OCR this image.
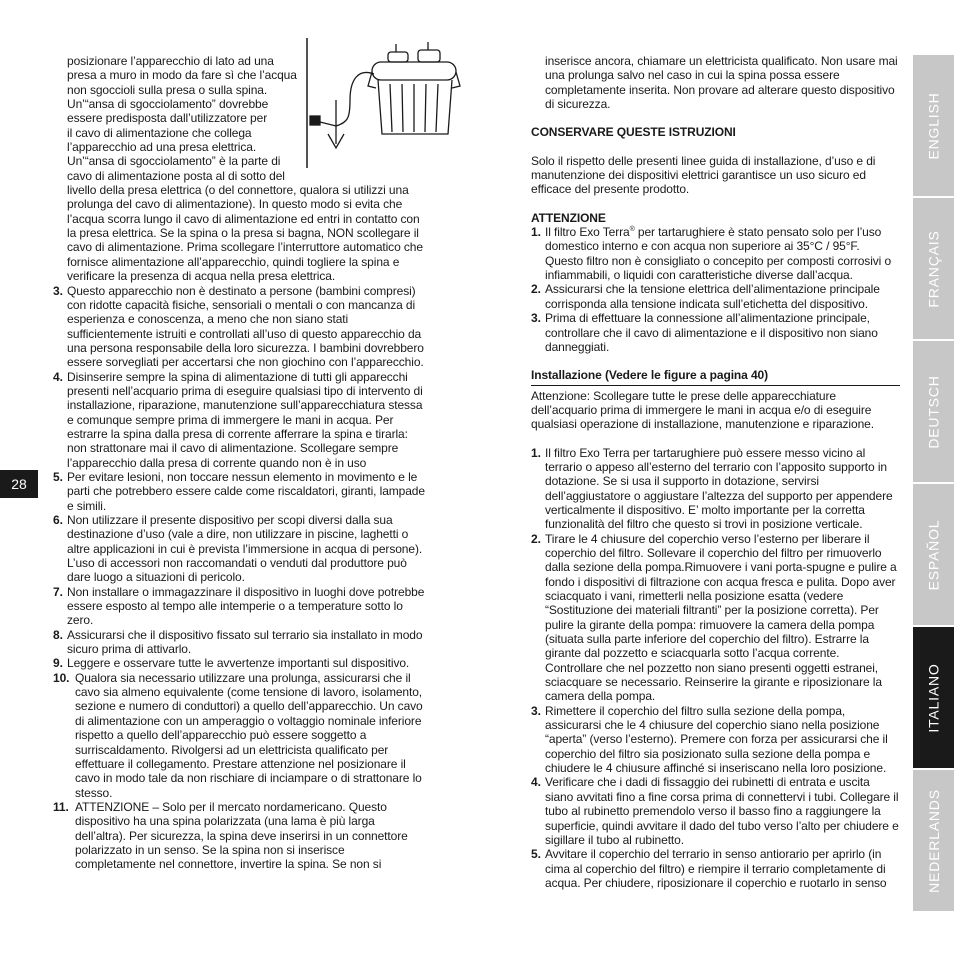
posizionare l’apparecchio di lato ad una

presa a muro in modo da fare sì che l’acqua

non sgoccioli sulla presa o sulla spina.

Un’“ansa di sgocciolamento” dovrebbe

essere predisposta dall’utilizzatore per

il cavo di alimentazione che collega

l’apparecchio ad una presa elettrica.

Un’“ansa di sgocciolamento” è la parte di

cavo di alimentazione posta al di sotto del

livello della presa elettrica (o del connettore, qualora si utilizzi una prolunga del cavo di alimentazione). In questo modo si evita che l’acqua scorra lungo il cavo di alimentazione ed entri in contatto con la presa elettrica. Se la spina o la presa si bagna, NON scollegare il cavo di alimentazione. Prima scollegare l’interruttore automatico che fornisce alimentazione all’apparecchio, quindi togliere la spina e verificare la presenza di acqua nella presa elettrica.

3. Questo apparecchio non è destinato a persone (bambini compresi) con ridotte capacità fisiche, sensoriali o mentali o con mancanza di esperienza e conoscenza, a meno che non siano stati sufficientemente istruiti e controllati all’uso di questo apparecchio da una persona responsabile della loro sicurezza. I bambini dovrebbero essere sorvegliati per accertarsi che non giochino con l’apparecchio.

4. Disinserire sempre la spina di alimentazione di tutti gli apparecchi presenti nell’acquario prima di eseguire qualsiasi tipo di intervento di installazione, riparazione, manutenzione sull’apparecchiatura stessa e comunque sempre prima di immergere le mani in acqua. Per estrarre la spina dalla presa di corrente afferrare la spina e tirarla: non strattonare mai il cavo di alimentazione. Scollegare sempre l’apparecchio dalla presa di corrente quando non è in uso

5. Per evitare lesioni, non toccare nessun elemento in movimento e le parti che potrebbero essere calde come riscaldatori, giranti, lampade e simili.

6. Non utilizzare il presente dispositivo per scopi diversi dalla sua destinazione d’uso (vale a dire, non utilizzare in piscine, laghetti o altre applicazioni in cui è prevista l’immersione in acqua di persone). L’uso di accessori non raccomandati o venduti dal produttore può dare luogo a situazioni di pericolo.

7. Non installare o immagazzinare il dispositivo in luoghi dove potrebbe essere esposto al tempo alle intemperie o a temperature sotto lo zero.

8. Assicurarsi che il dispositivo fissato sul terrario sia installato in modo sicuro prima di attivarlo.

9. Leggere e osservare tutte le avvertenze importanti sul dispositivo.

10. Qualora sia necessario utilizzare una prolunga, assicurarsi che il cavo sia almeno equivalente (come tensione di lavoro, isolamento, sezione e numero di conduttori) a quello dell’apparecchio. Un cavo di alimentazione con un amperaggio o voltaggio nominale inferiore rispetto a quello dell’apparecchio può essere soggetto a surriscaldamento. Rivolgersi ad un elettricista qualificato per effettuare il collegamento. Prestare attenzione nel posizionare il cavo in modo tale da non rischiare di inciampare o di strattonare lo stesso.

11. ATTENZIONE – Solo per il mercato nordamericano. Questo dispositivo ha una spina polarizzata (una lama è più larga dell’altra). Per sicurezza, la spina deve inserirsi in un connettore polarizzato in un senso. Se la spina non si inserisce completamente nel connettore, invertire la spina. Se non si

inserisce ancora, chiamare un elettricista qualificato. Non usare mai una prolunga salvo nel caso in cui la spina possa essere completamente inserita. Non provare ad alterare questo dispositivo di sicurezza.

CONSERVARE QUESTE ISTRUZIONI

Solo il rispetto delle presenti linee guida di installazione, d’uso e di manutenzione dei dispositivi elettrici garantisce un uso sicuro ed efficace del presente prodotto.

ATTENZIONE

1. Il filtro Exo Terra® per tartarughiere è stato pensato solo per l’uso domestico interno e con acqua non superiore ai 35°C / 95°F. Questo filtro non è consigliato o concepito per composti corrosivi o infiammabili, o liquidi con caratteristiche diverse dall’acqua.

2. Assicurarsi che la tensione elettrica dell’alimentazione principale corrisponda alla tensione indicata sull’etichetta del dispositivo.

3. Prima di effettuare la connessione all’alimentazione principale, controllare che il cavo di alimentazione e il dispositivo non siano danneggiati.

Installazione (Vedere le figure a pagina 40)

Attenzione: Scollegare tutte le prese delle apparecchiature dell’acquario prima di immergere le mani in acqua e/o di eseguire qualsiasi operazione di installazione, manutenzione e riparazione.

1. Il filtro Exo Terra per tartarughiere può essere messo vicino al terrario o appeso all’esterno del terrario con l’apposito supporto in dotazione. Se si usa il supporto in dotazione, servirsi dell’aggiustatore o aggiustare l’altezza del supporto per appendere verticalmente il dispositivo. E’ molto importante per la corretta funzionalità del filtro che questo si trovi in posizione verticale.

2. Tirare le 4 chiusure del coperchio verso l’esterno per liberare il coperchio del filtro. Sollevare il coperchio del filtro per rimuoverlo dalla sezione della pompa.Rimuovere i vani porta-spugne e pulire a fondo i dispositivi di filtrazione con acqua fresca e pulita. Dopo aver sciacquato i vani, rimetterli nella posizione esatta (vedere “Sostituzione dei materiali filtranti” per la posizione corretta). Per pulire la girante della pompa: rimuovere la camera della pompa (situata sulla parte inferiore del coperchio del filtro). Estrarre la girante dal pozzetto e sciacquarla sotto l’acqua corrente. Controllare che nel pozzetto non siano presenti oggetti estranei, sciacquare se necessario. Reinserire la girante e riposizionare la camera della pompa.

3. Rimettere il coperchio del filtro sulla sezione della pompa, assicurarsi che le 4 chiusure del coperchio siano nella posizione “aperta” (verso l’esterno). Premere con forza per assicurarsi che il coperchio del filtro sia posizionato sulla sezione della pompa e chiudere le 4 chiusure affinché si inseriscano nella loro posizione.

4. Verificare che i dadi di fissaggio dei rubinetti di entrata e uscita siano avvitati fino a fine corsa prima di connettervi i tubi. Collegare il tubo al rubinetto premendolo verso il basso fino a raggiungere la superficie, quindi avvitare il dado del tubo verso l’alto per chiudere e sigillare il tubo al rubinetto.

5. Avvitare il coperchio del terrario in senso antiorario per aprirlo (in cima al coperchio del filtro) e riempire il terrario completamente di acqua. Per chiudere, riposizionare il coperchio e ruotarlo in senso

28
ENGLISH
FRANÇAIS
DEUTSCH
ESPAÑOL
ITALIANO
NEDERLANDS
